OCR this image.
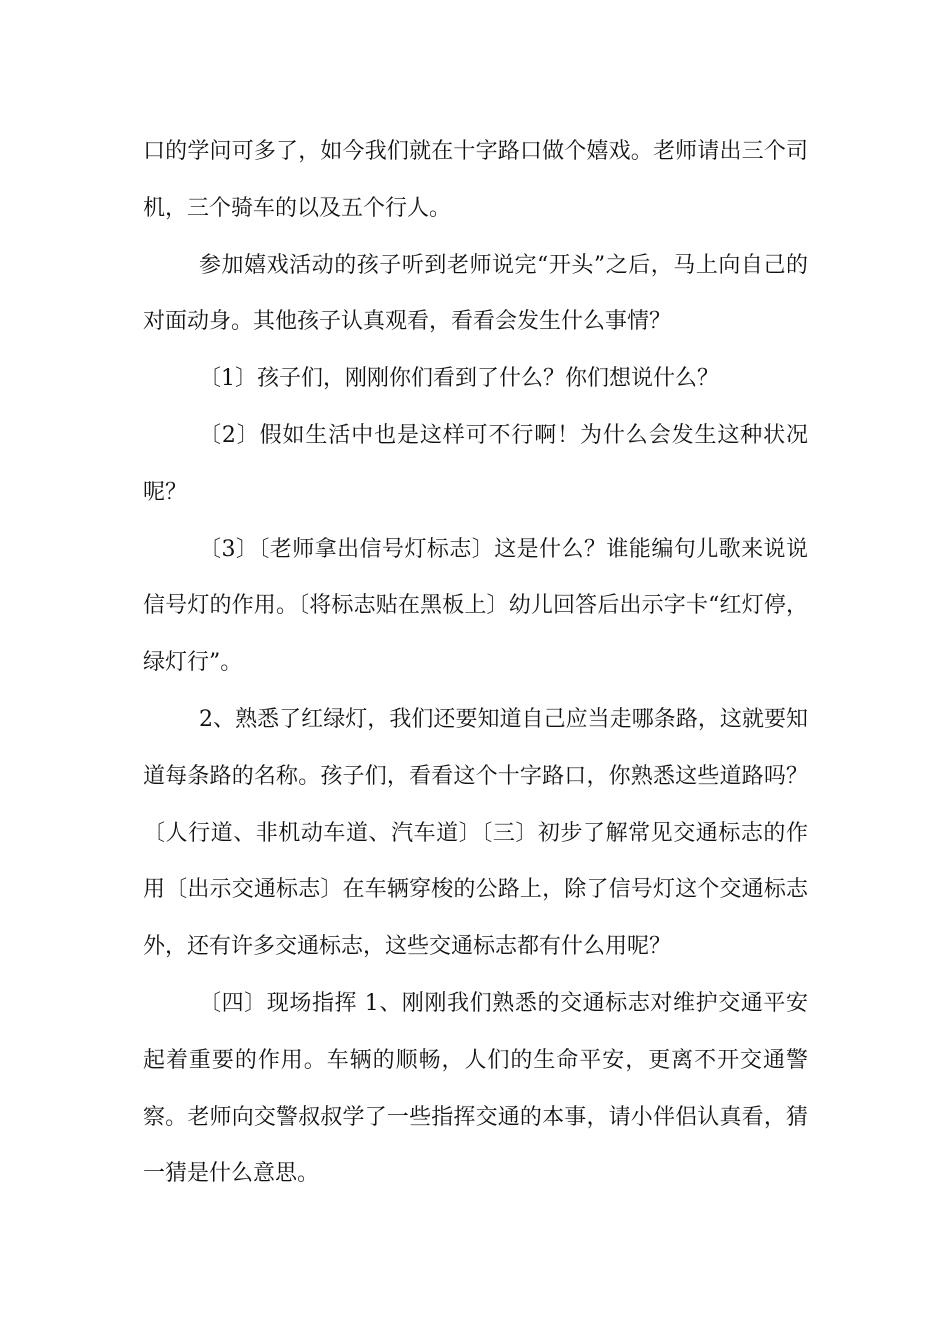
口的学问可多了，如今我们就在十字路口做个嬉戏。老师请出三个司机，三个骑车的以及五个行人。

参加嬉戏活动的孩子听到老师说完“开头”之后，马上向自己的对面动身。其他孩子认真观看，看看会发生什么事情？

〔1〕孩子们，刚刚你们看到了什么？你们想说什么？

〔2〕假如生活中也是这样可不行啊！为什么会发生这种状况呢？

〔3〕〔老师拿出信号灯标志〕这是什么？谁能编句儿歌来说说信号灯的作用。〔将标志贴在黑板上〕幼儿回答后出示字卡“红灯停，绿灯行”。

2、熟悉了红绿灯，我们还要知道自己应当走哪条路，这就要知道每条路的名称。孩子们，看看这个十字路口，你熟悉这些道路吗？〔人行道、非机动车道、汽车道〕〔三〕初步了解常见交通标志的作用〔出示交通标志〕在车辆穿梭的公路上，除了信号灯这个交通标志外，还有许多交通标志，这些交通标志都有什么用呢？

〔四〕现场指挥 1、刚刚我们熟悉的交通标志对维护交通平安起着重要的作用。车辆的顺畅，人们的生命平安，更离不开交通警察。老师向交警叔叔学了一些指挥交通的本事，请小伴侣认真看，猜一猜是什么意思。
